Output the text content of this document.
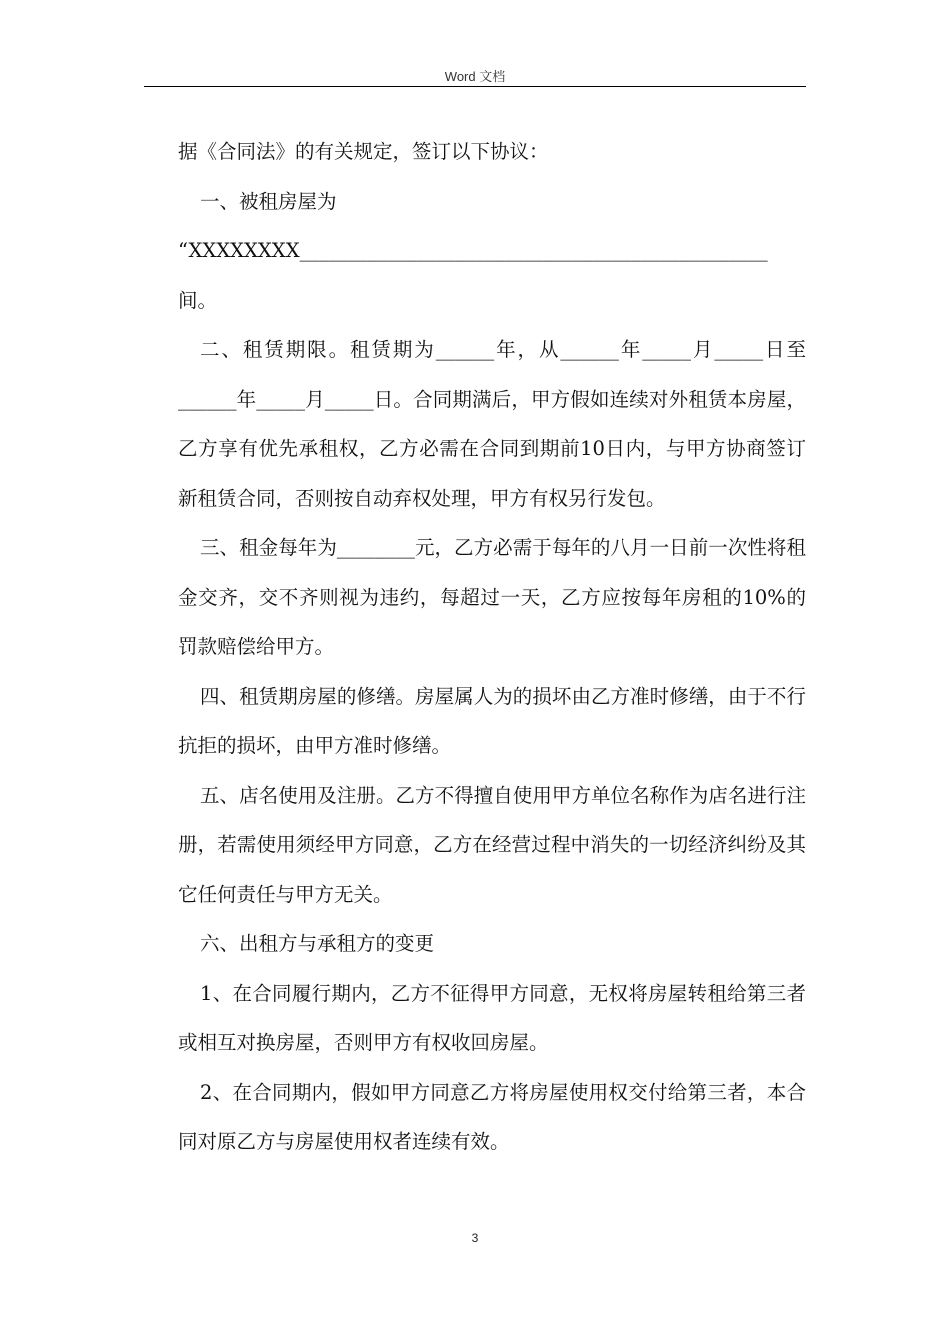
Word 文档

据《合同法》的有关规定，签订以下协议：

一、被租房屋为

“XXXXXXXX________________________________________________间。

二、租赁期限。租赁期为______年，从______年_____月_____日至______年_____月_____日。合同期满后，甲方假如连续对外租赁本房屋，乙方享有优先承租权，乙方必需在合同到期前10日内，与甲方协商签订新租赁合同，否则按自动弃权处理，甲方有权另行发包。

三、租金每年为________元，乙方必需于每年的八月一日前一次性将租金交齐，交不齐则视为违约，每超过一天，乙方应按每年房租的10%的罚款赔偿给甲方。

四、租赁期房屋的修缮。房屋属人为的损坏由乙方准时修缮，由于不行抗拒的损坏，由甲方准时修缮。

五、店名使用及注册。乙方不得擅自使用甲方单位名称作为店名进行注册，若需使用须经甲方同意，乙方在经营过程中消失的一切经济纠纷及其它任何责任与甲方无关。

六、出租方与承租方的变更

1、在合同履行期内，乙方不征得甲方同意，无权将房屋转租给第三者或相互对换房屋，否则甲方有权收回房屋。

2、在合同期内，假如甲方同意乙方将房屋使用权交付给第三者，本合同对原乙方与房屋使用权者连续有效。

3
